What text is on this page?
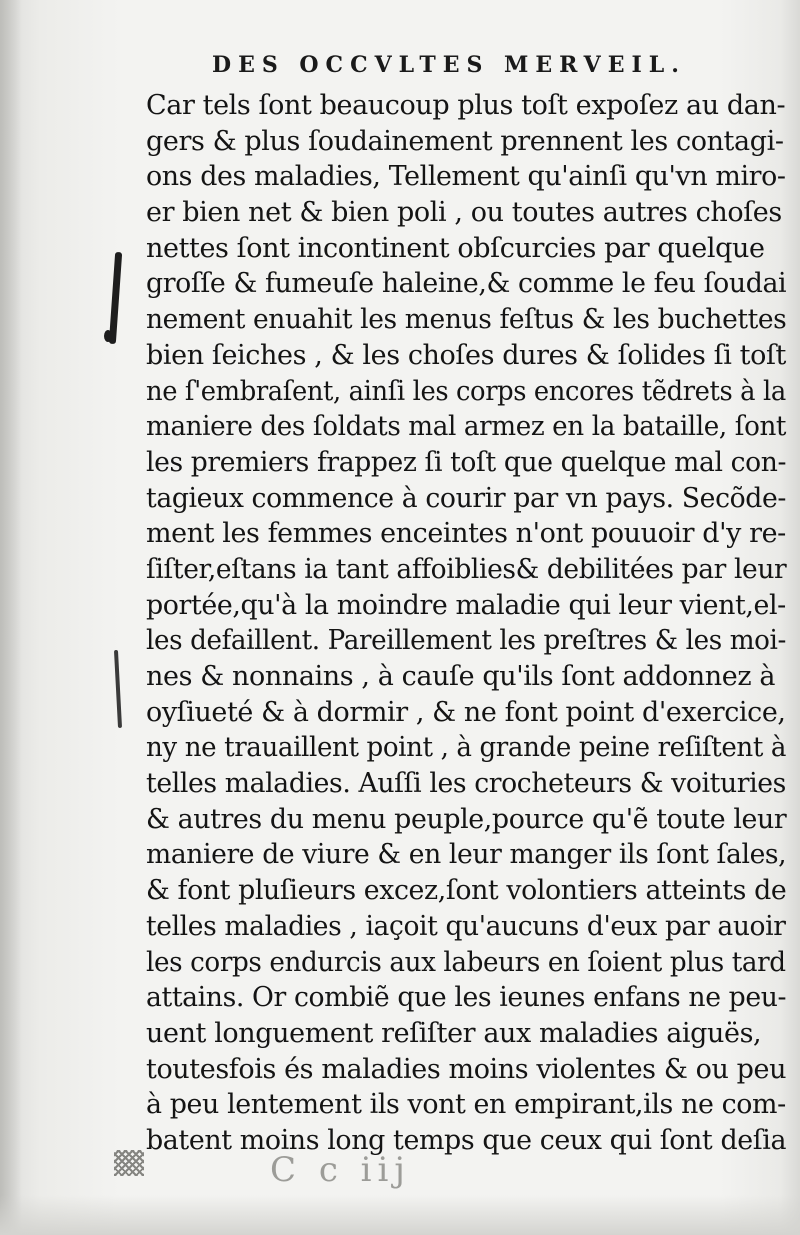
DES OCCVLTES MERVEIL.
Car tels ſont beaucoup plus toſt expoſez au dan-
gers & plus ſoudainement prennent les contagi-
ons des maladies, Tellement qu'ainſi qu'vn miro-
er bien net & bien poli , ou toutes autres choſes
nettes ſont incontinent obſcurcies par quelque
groſſe & fumeuſe haleine,& comme le feu ſoudai
nement enuahit les menus feſtus & les buchettes
bien ſeiches , & les choſes dures & ſolides ſi toſt
ne ſ'embraſent, ainſi les corps encores tẽdrets à la
maniere des ſoldats mal armez en la bataille, ſont
les premiers frappez ſi toſt que quelque mal con-
tagieux commence à courir par vn pays. Secõde-
ment les femmes enceintes n'ont pouuoir d'y re-
ſiſter,eſtans ia tant affoiblies& debilitées par leur
portée,qu'à la moindre maladie qui leur vient,el-
les defaillent. Pareillement les preſtres & les moi-
nes & nonnains , à cauſe qu'ils ſont addonnez à
oyſiueté & à dormir , & ne font point d'exercice,
ny ne trauaillent point , à grande peine reſiſtent à
telles maladies. Auſſi les crocheteurs & voituries
& autres du menu peuple,pource qu'ẽ toute leur
maniere de viure & en leur manger ils ſont ſales,
& font pluſieurs excez,ſont volontiers atteints de
telles maladies , iaçoit qu'aucuns d'eux par auoir
les corps endurcis aux labeurs en ſoient plus tard
attains. Or combiẽ que les ieunes enfans ne peu-
uent longuement reſiſter aux maladies aiguës,
toutesfois és maladies moins violentes & ou peu
à peu lentement ils vont en empirant,ils ne com-
batent moins long temps que ceux qui ſont deſia
C c iij
